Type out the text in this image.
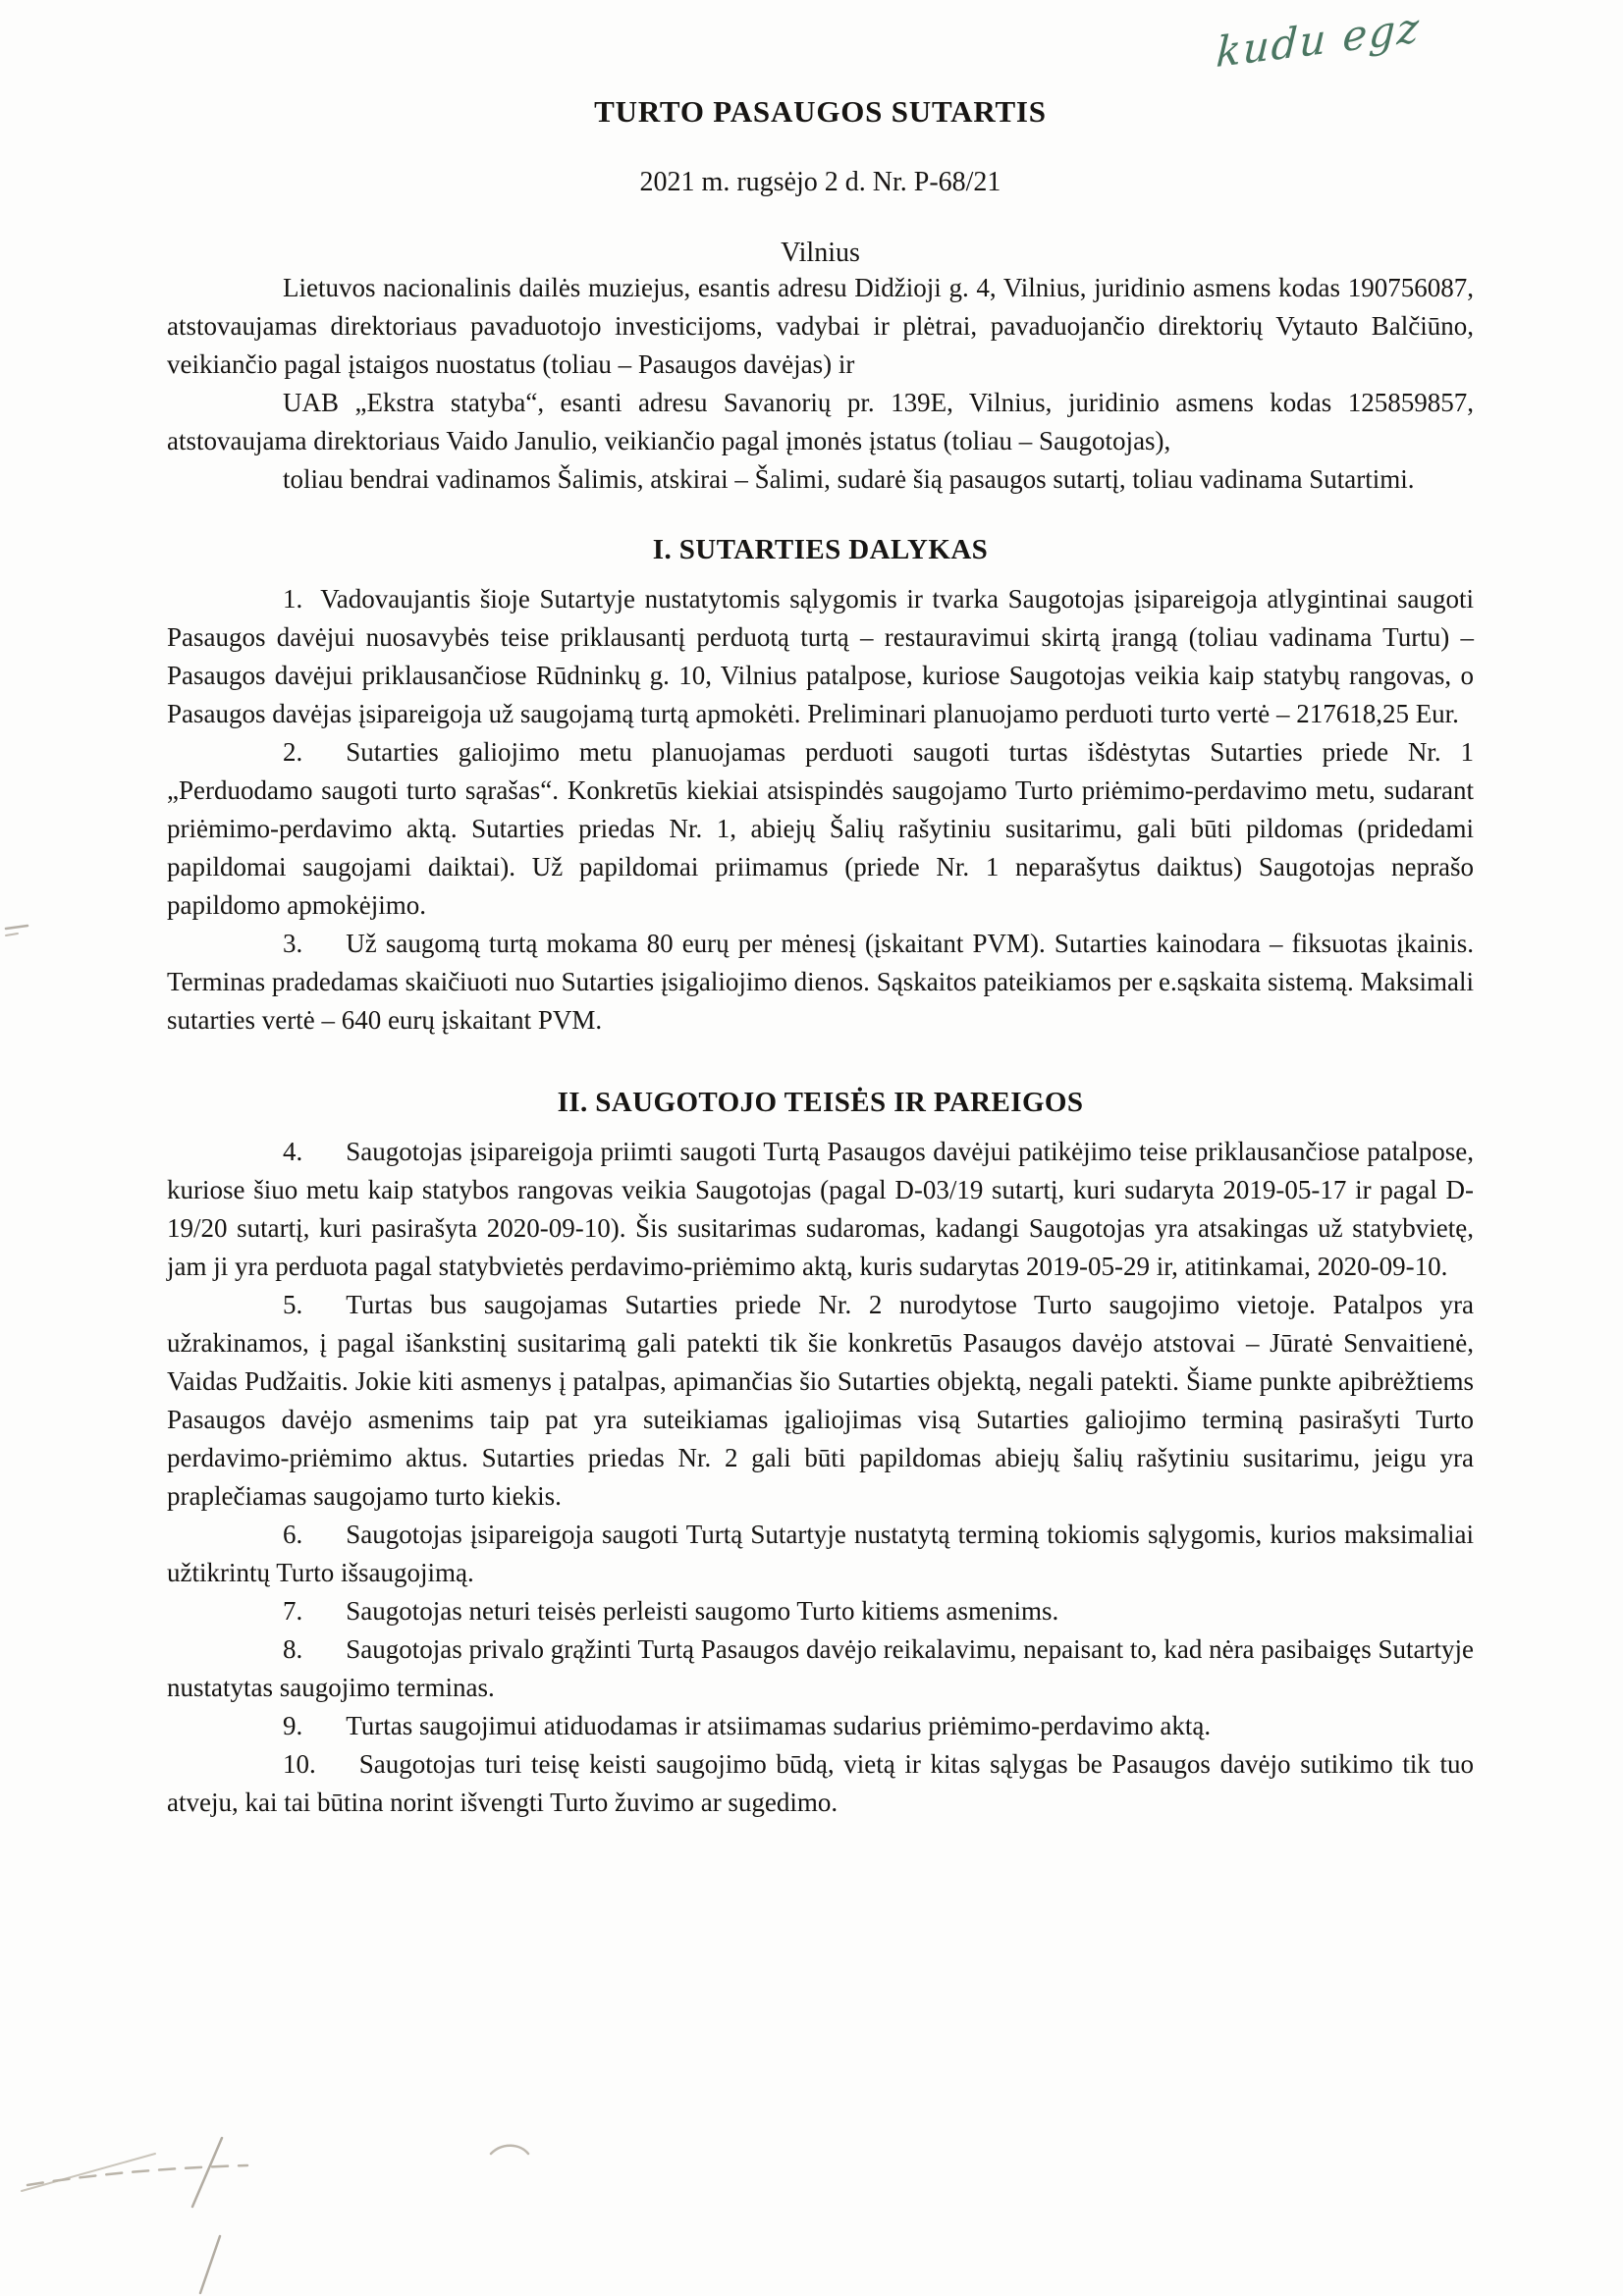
kudu egz
TURTO PASAUGOS SUTARTIS
2021 m. rugsėjo 2 d. Nr. P-68/21
Vilnius

Lietuvos nacionalinis dailės muziejus, esantis adresu Didžioji g. 4, Vilnius, juridinio asmens kodas 190756087, atstovaujamas direktoriaus pavaduotojo investicijoms, vadybai ir plėtrai, pavaduojančio direktorių Vytauto Balčiūno, veikiančio pagal įstaigos nuostatus (toliau – Pasaugos davėjas) ir

UAB „Ekstra statyba“, esanti adresu Savanorių pr. 139E, Vilnius, juridinio asmens kodas 125859857, atstovaujama direktoriaus Vaido Janulio, veikiančio pagal įmonės įstatus (toliau – Saugotojas),

toliau bendrai vadinamos Šalimis, atskirai – Šalimi, sudarė šią pasaugos sutartį, toliau vadinama Sutartimi.

I. SUTARTIES DALYKAS

1. Vadovaujantis šioje Sutartyje nustatytomis sąlygomis ir tvarka Saugotojas įsipareigoja atlygintinai saugoti Pasaugos davėjui nuosavybės teise priklausantį perduotą turtą – restauravimui skirtą įrangą (toliau vadinama Turtu) – Pasaugos davėjui priklausančiose Rūdninkų g. 10, Vilnius patalpose, kuriose Saugotojas veikia kaip statybų rangovas, o Pasaugos davėjas įsipareigoja už saugojamą turtą apmokėti. Preliminari planuojamo perduoti turto vertė – 217618,25 Eur.

2. Sutarties galiojimo metu planuojamas perduoti saugoti turtas išdėstytas Sutarties priede Nr. 1 „Perduodamo saugoti turto sąrašas“. Konkretūs kiekiai atsispindės saugojamo Turto priėmimo-perdavimo metu, sudarant priėmimo-perdavimo aktą. Sutarties priedas Nr. 1, abiejų Šalių rašytiniu susitarimu, gali būti pildomas (pridedami papildomai saugojami daiktai). Už papildomai priimamus (priede Nr. 1 neparašytus daiktus) Saugotojas neprašo papildomo apmokėjimo.

3. Už saugomą turtą mokama 80 eurų per mėnesį (įskaitant PVM). Sutarties kainodara – fiksuotas įkainis. Terminas pradedamas skaičiuoti nuo Sutarties įsigaliojimo dienos. Sąskaitos pateikiamos per e.sąskaita sistemą. Maksimali sutarties vertė – 640 eurų įskaitant PVM.

II. SAUGOTOJO TEISĖS IR PAREIGOS

4. Saugotojas įsipareigoja priimti saugoti Turtą Pasaugos davėjui patikėjimo teise priklausančiose patalpose, kuriose šiuo metu kaip statybos rangovas veikia Saugotojas (pagal D-03/19 sutartį, kuri sudaryta 2019-05-17 ir pagal D-19/20 sutartį, kuri pasirašyta 2020-09-10). Šis susitarimas sudaromas, kadangi Saugotojas yra atsakingas už statybvietę, jam ji yra perduota pagal statybvietės perdavimo-priėmimo aktą, kuris sudarytas 2019-05-29 ir, atitinkamai, 2020-09-10.

5. Turtas bus saugojamas Sutarties priede Nr. 2 nurodytose Turto saugojimo vietoje. Patalpos yra užrakinamos, į pagal išankstinį susitarimą gali patekti tik šie konkretūs Pasaugos davėjo atstovai – Jūratė Senvaitienė, Vaidas Pudžaitis. Jokie kiti asmenys į patalpas, apimančias šio Sutarties objektą, negali patekti. Šiame punkte apibrėžtiems Pasaugos davėjo asmenims taip pat yra suteikiamas įgaliojimas visą Sutarties galiojimo terminą pasirašyti Turto perdavimo-priėmimo aktus. Sutarties priedas Nr. 2 gali būti papildomas abiejų šalių rašytiniu susitarimu, jeigu yra praplečiamas saugojamo turto kiekis.

6. Saugotojas įsipareigoja saugoti Turtą Sutartyje nustatytą terminą tokiomis sąlygomis, kurios maksimaliai užtikrintų Turto išsaugojimą.

7. Saugotojas neturi teisės perleisti saugomo Turto kitiems asmenims.

8. Saugotojas privalo grąžinti Turtą Pasaugos davėjo reikalavimu, nepaisant to, kad nėra pasibaigęs Sutartyje nustatytas saugojimo terminas.

9. Turtas saugojimui atiduodamas ir atsiimamas sudarius priėmimo-perdavimo aktą.

10. Saugotojas turi teisę keisti saugojimo būdą, vietą ir kitas sąlygas be Pasaugos davėjo sutikimo tik tuo atveju, kai tai būtina norint išvengti Turto žuvimo ar sugedimo.
